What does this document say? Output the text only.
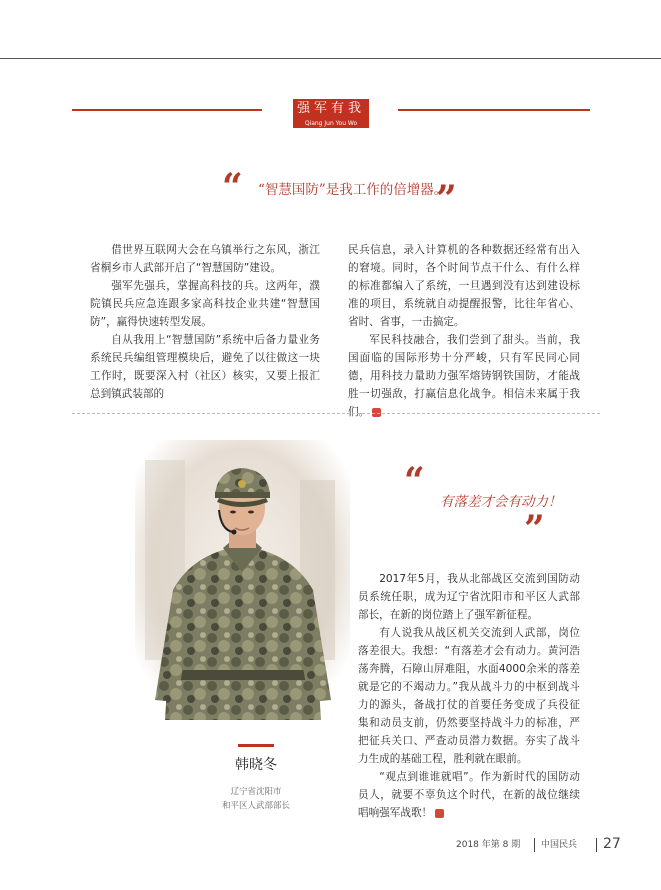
强军有我
Qiang Jun You Wo
“ “智慧国防”是我工作的倍增器。
”

借世界互联网大会在乌镇举行之东风，浙江省桐乡市人武部开启了“智慧国防”建设。

强军先强兵，掌握高科技的兵。这两年，濮院镇民兵应急连跟多家高科技企业共建“智慧国防”，赢得快速转型发展。

自从我用上“智慧国防”系统中后备力量业务系统民兵编组管理模块后，避免了以往做这一块工作时，既要深入村（社区）核实，又要上报汇总到镇武装部的

民兵信息，录入计算机的各种数据还经常有出入的窘境。同时，各个时间节点干什么、有什么样的标准都编入了系统，一旦遇到没有达到建设标准的项目，系统就自动提醒报警，比往年省心、省时、省事，一击搞定。

军民科技融合，我们尝到了甜头。当前，我国面临的国际形势十分严峻，只有军民同心同德，用科技力量助力强军熔铸钢铁国防，才能战胜一切强敌，打赢信息化战争。相信未来属于我们。

韩晓冬
辽宁省沈阳市
和平区人武部部长
“ 有落差才会有动力！
”

2017年5月，我从北部战区交流到国防动员系统任职，成为辽宁省沈阳市和平区人武部部长，在新的岗位踏上了强军新征程。

有人说我从战区机关交流到人武部，岗位落差很大。我想：“有落差才会有动力。黄河浩荡奔腾，石障山屏难阻，水面4000余米的落差就是它的不竭动力。”我从战斗力的中枢到战斗力的源头，备战打仗的首要任务变成了兵役征集和动员支前，仍然要坚持战斗力的标准，严把征兵关口、严查动员潜力数据。夯实了战斗力生成的基础工程，胜利就在眼前。

“观点到谁谁就唱”。作为新时代的国防动员人，就要不辜负这个时代，在新的战位继续唱响强军战歌！

2018 年第 8 期 中国民兵 27
